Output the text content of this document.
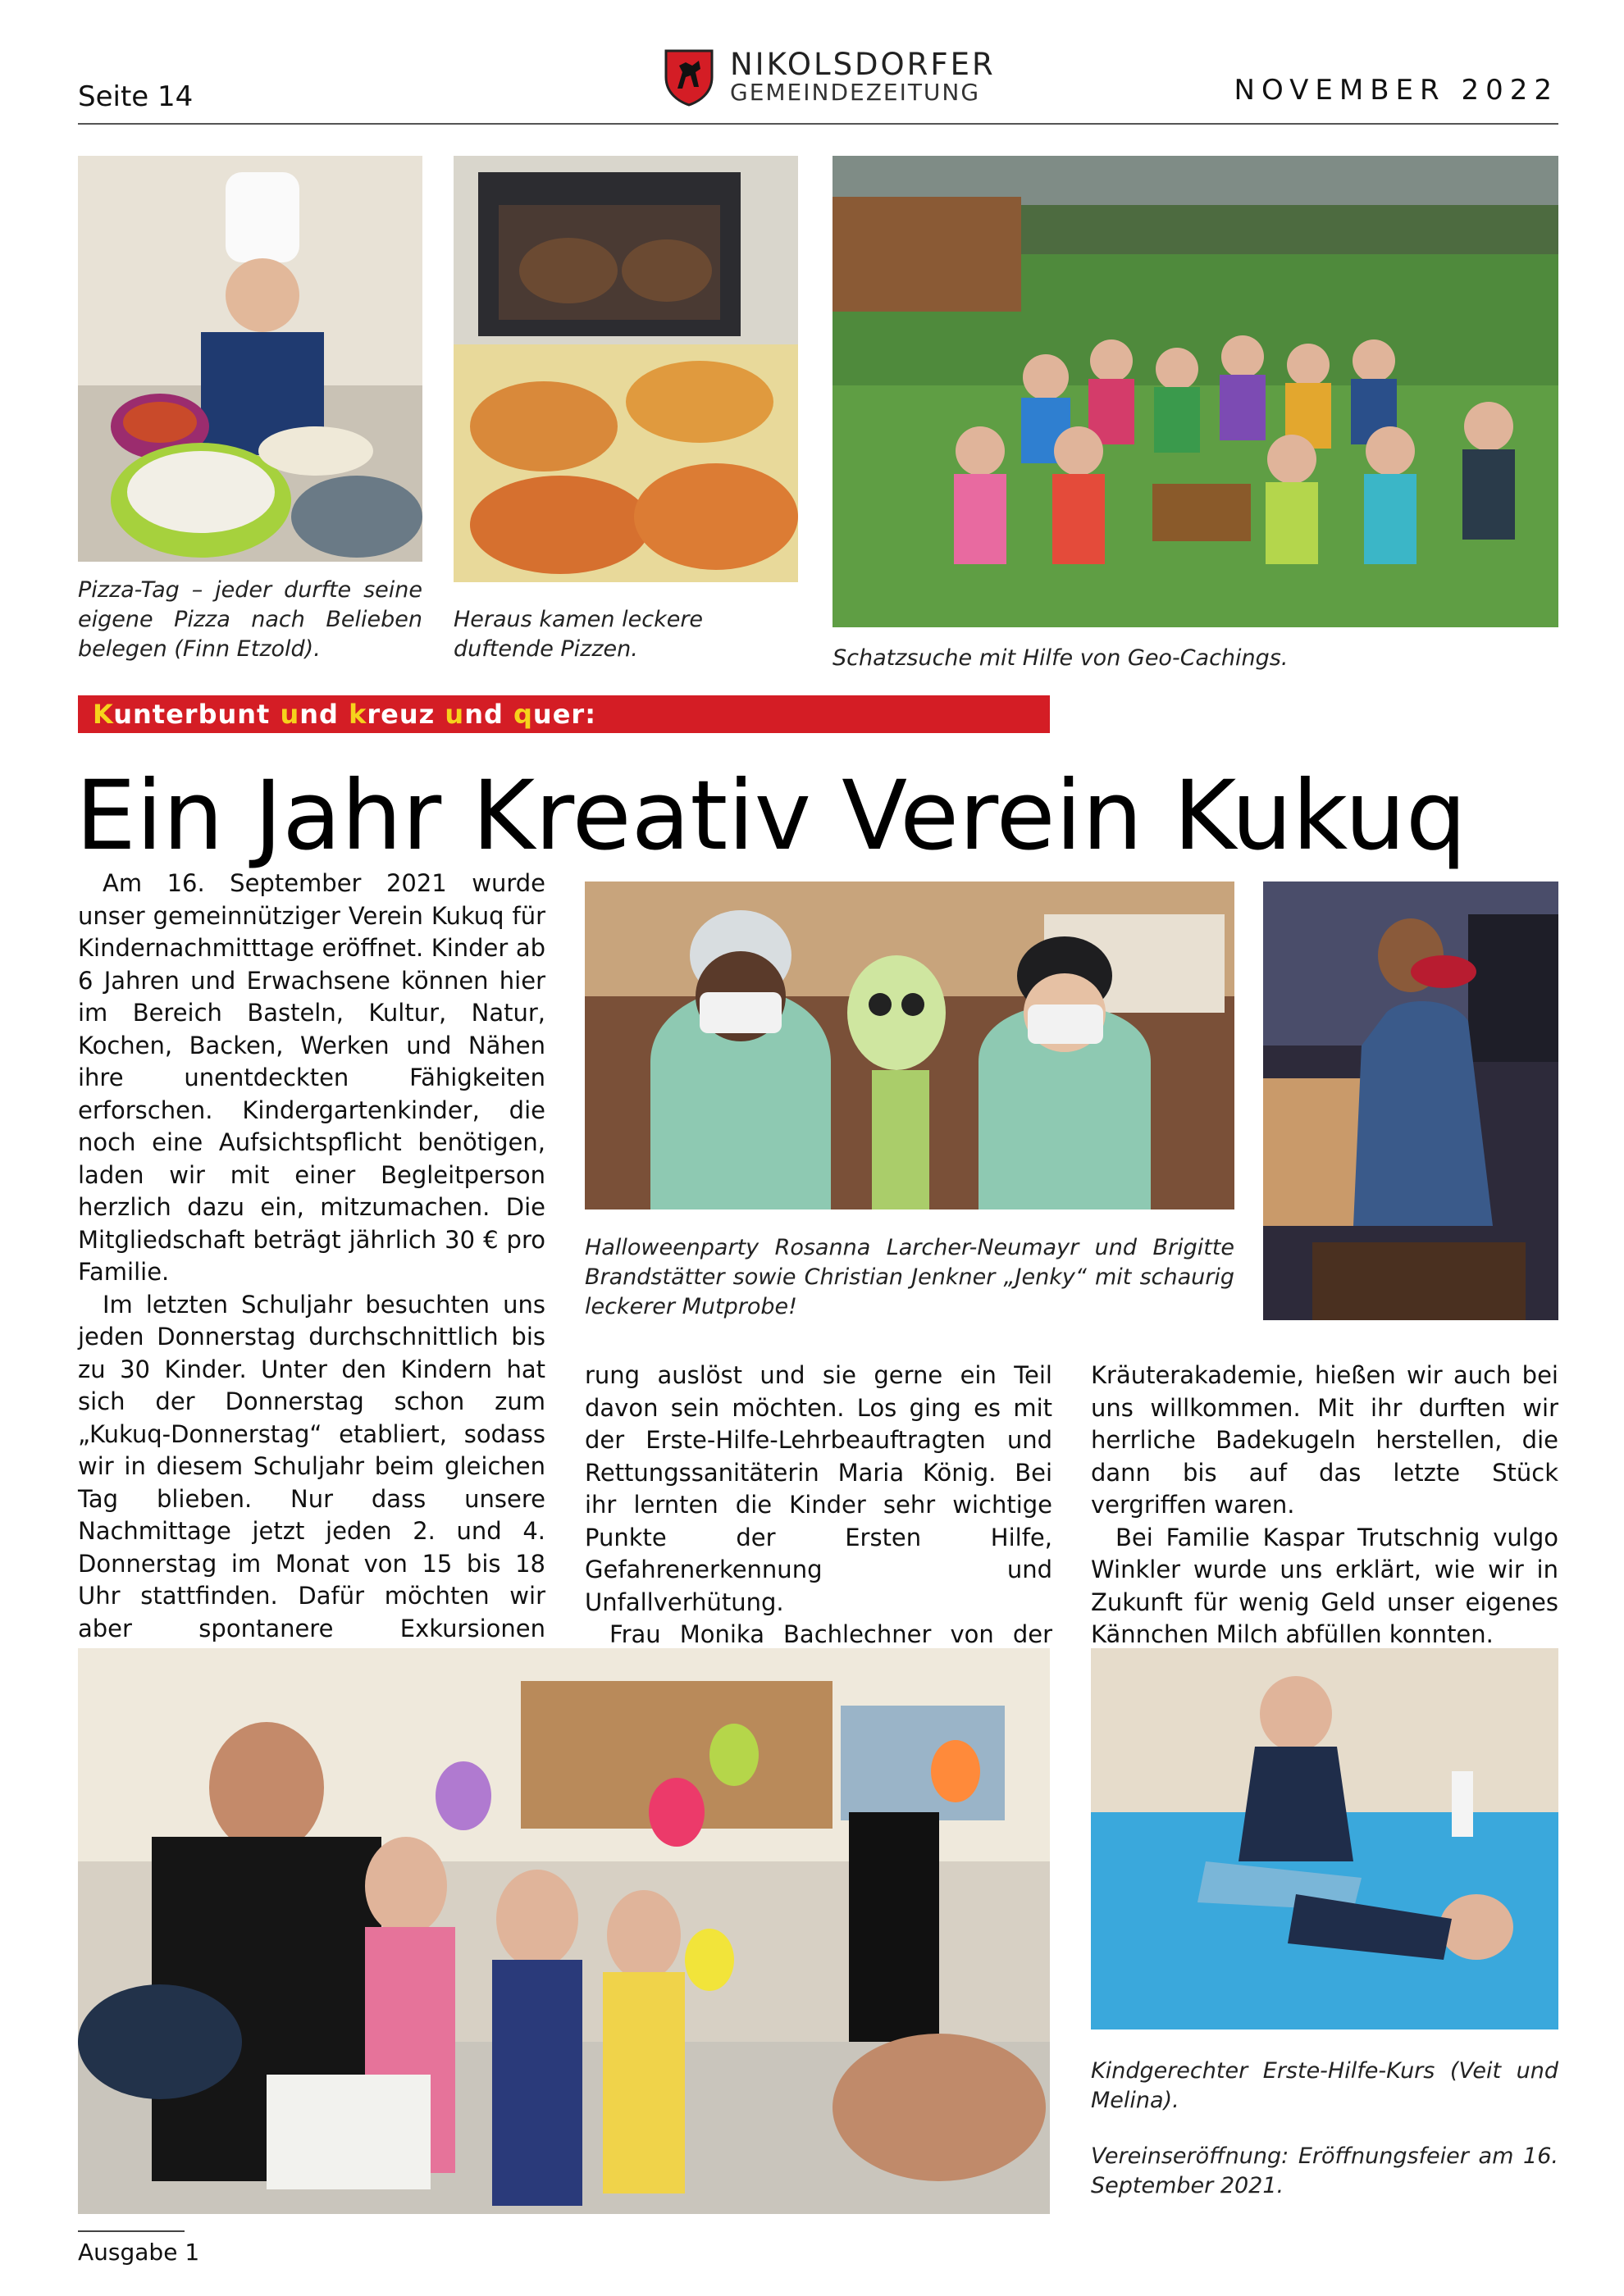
Seite 14
NIKOLSDORFER
GEMEINDEZEITUNG	NOVEMBER 2022
Pizza-Tag – jeder durfte seine eigene Pizza nach Belieben belegen (Finn Etzold).
Heraus kamen leckere duftende Pizzen.	Schatzsuche mit Hilfe von Geo-Cachings.
Kunterbunt und kreuz und quer:
Ein Jahr Kreativ Verein Kukuq

Am 16. September 2021 wurde unser gemeinnütziger Verein Kukuq für Kindernachmitttage eröffnet. Kinder ab 6 Jahren und Erwachsene können hier im Bereich Basteln, Kultur, Natur, Kochen, Backen, Werken und Nähen ihre unentdeckten Fähigkeiten erforschen. Kindergartenkinder, die noch eine Aufsichtspflicht benötigen, laden wir mit einer Begleitperson herzlich dazu ein, mitzumachen. Die Mitgliedschaft beträgt jährlich 30 € pro Familie.

Im letzten Schuljahr besuchten uns jeden Donnerstag durchschnittlich bis zu 30 Kinder. Unter den Kindern hat sich der Donnerstag schon zum „Kukuq-Donnerstag“ etabliert, sodass wir in diesem Schuljahr beim gleichen Tag blieben. Nur dass unsere Nachmittage jetzt jeden 2. und 4. Donnerstag im Monat von 15 bis 18 Uhr stattfinden. Dafür möchten wir aber spontanere Exkursionen

Halloweenparty Rosanna Larcher-Neumayr und Brigitte Brandstätter sowie Christian Jenkner „Jenky“ mit schaurig leckerer Mutprobe!

rung auslöst und sie gerne ein Teil davon sein möchten. Los ging es mit der Erste-Hilfe-Lehrbeauftragten und Rettungssanitäterin Maria König. Bei ihr lernten die Kinder sehr wichtige Punkte der Ersten Hilfe, Gefahrenerkennung und Unfallverhütung.

Frau Monika Bachlechner von der

Kräuterakademie, hießen wir auch bei uns willkommen. Mit ihr durften wir herrliche Badekugeln herstellen, die dann bis auf das letzte Stück vergriffen waren.

Bei Familie Kaspar Trutschnig vulgo Winkler wurde uns erklärt, wie wir in Zukunft für wenig Geld unser eigenes Kännchen Milch abfüllen konnten.

Kindgerechter Erste-Hilfe-Kurs (Veit und Melina).
Vereinseröffnung: Eröffnungsfeier am 16. September 2021.
Ausgabe 1
